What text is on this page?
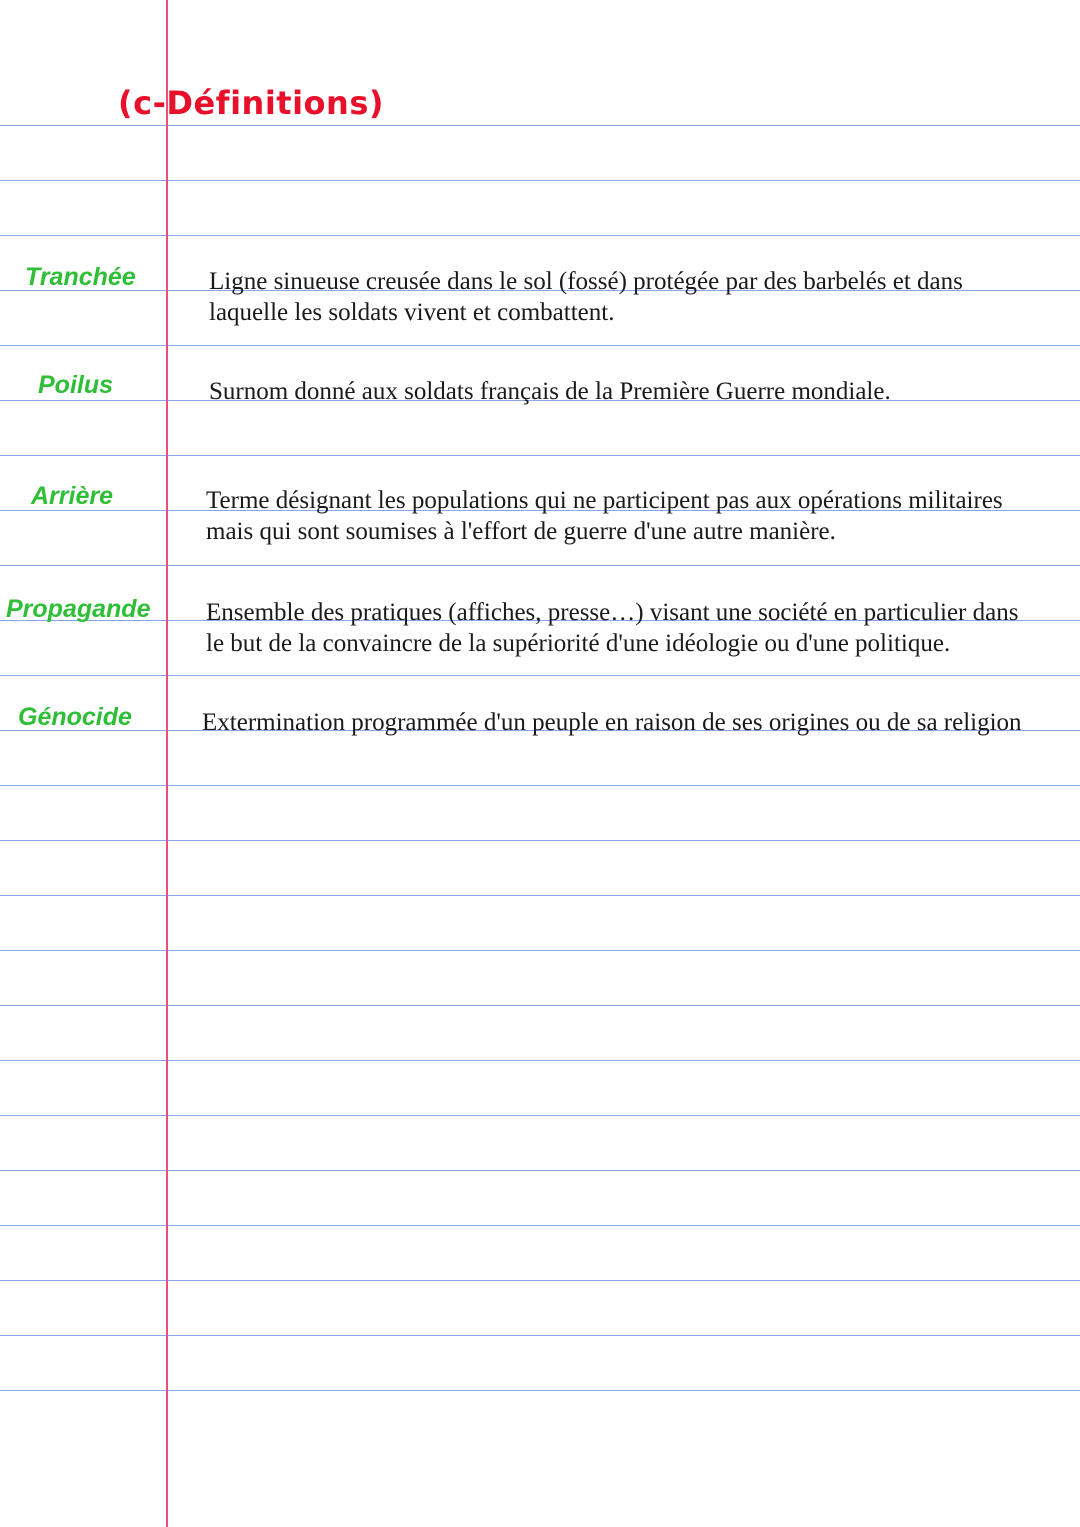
(c-Définitions)
Tranchée	Ligne sinueuse creusée dans le sol (fossé) protégée par des barbelés et dans
laquelle les soldats vivent et combattent.
Poilus	Surnom donné aux soldats français de la Première Guerre mondiale.
Arrière	Terme désignant les populations qui ne participent pas aux opérations militaires
mais qui sont soumises à l'effort de guerre d'une autre manière.
Propagande Ensemble des pratiques (affiches, presse…) visant une société en particulier dans
le but de la convaincre de la supériorité d'une idéologie ou d'une politique.
Génocide	Extermination programmée d'un peuple en raison de ses origines ou de sa religion
